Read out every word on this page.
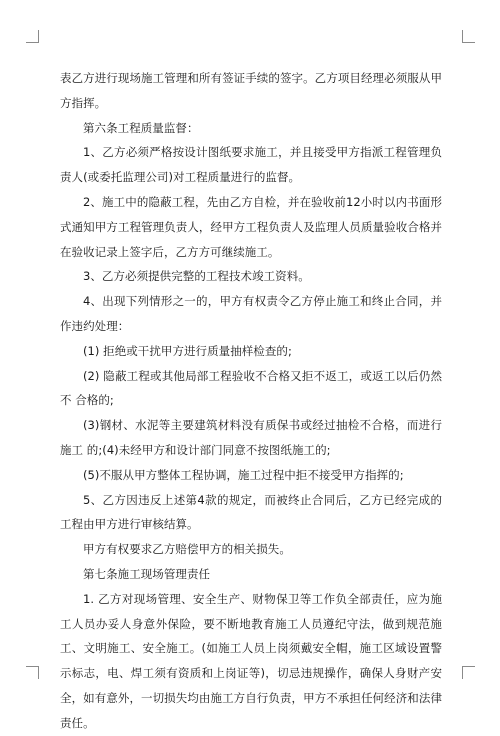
表乙方进行现场施工管理和所有签证手续的签字。乙方项目经理必须服从甲方指挥。

第六条工程质量监督：

1、乙方必须严格按设计图纸要求施工，并且接受甲方指派工程管理负责人(或委托监理公司)对工程质量进行的监督。

2、施工中的隐蔽工程，先由乙方自检，并在验收前12小时以内书面形式通知甲方工程管理负责人，经甲方工程负责人及监理人员质量验收合格并在验收记录上签字后，乙方方可继续施工。

3、乙方必须提供完整的工程技术竣工资料。

4、出现下列情形之一的，甲方有权责令乙方停止施工和终止合同，并作违约处理：

(1) 拒绝或干扰甲方进行质量抽样检查的;

(2) 隐蔽工程或其他局部工程验收不合格又拒不返工，或返工以后仍然不 合格的;

(3)钢材、水泥等主要建筑材料没有质保书或经过抽检不合格，而进行施工 的;(4)未经甲方和设计部门同意不按图纸施工的;

(5)不服从甲方整体工程协调，施工过程中拒不接受甲方指挥的;

5、乙方因违反上述第4款的规定，而被终止合同后，乙方已经完成的工程由甲方进行审核结算。

甲方有权要求乙方赔偿甲方的相关损失。

第七条施工现场管理责任

1. 乙方对现场管理、安全生产、财物保卫等工作负全部责任，应为施工人员办妥人身意外保险，要不断地教育施工人员遵纪守法，做到规范施工、文明施工、安全施工。(如施工人员上岗须戴安全帽，施工区域设置警示标志，电、焊工须有资质和上岗证等)，切忌违规操作，确保人身财产安全，如有意外，一切损失均由施工方自行负责，甲方不承担任何经济和法律责任。
